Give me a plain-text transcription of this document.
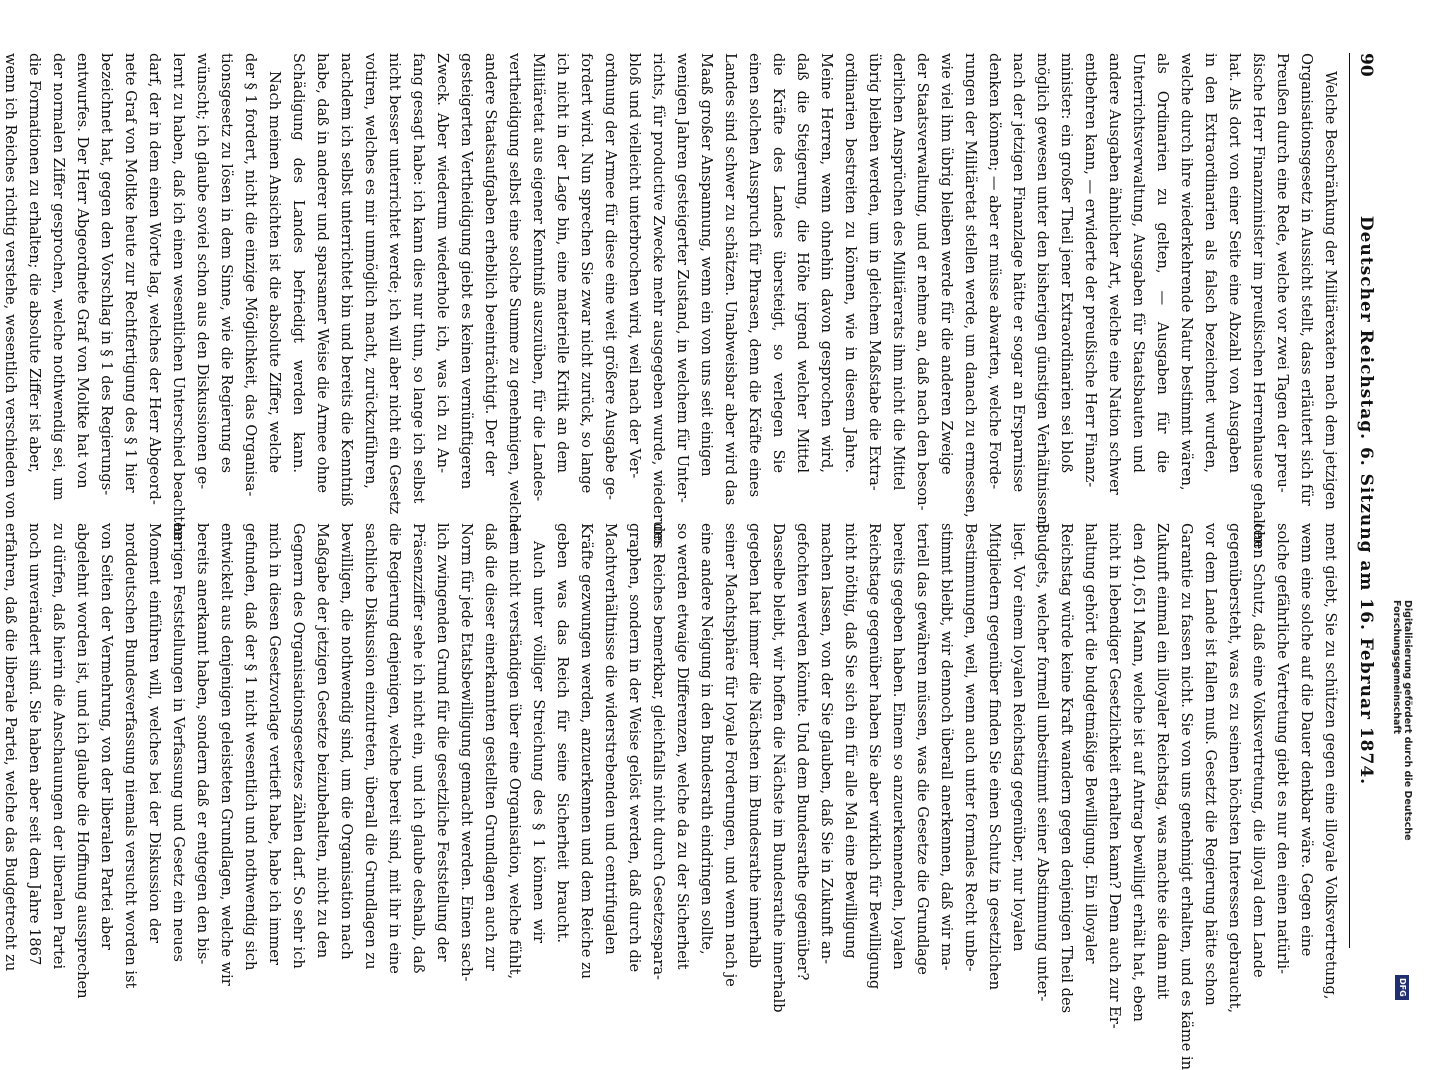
90
Deutscher Reichstag. 6. Sitzung am 16. Februar 1874.
Welche Beschränkung der Militärexaten nach dem jetzigen
Organisationsgesetz in Aussicht stellt, dass erläutert sich für
Preußen durch eine Rede, welche vor zwei Tagen der preu-
ßische Herr Finanzminister im preußischen Herrenhause gehalten
hat. Als dort von einer Seite eine Abzahl von Ausgaben
in den Extraordinarien als falsch bezeichnet wurden,
welche durch ihre wiederkehrende Natur bestimmt wären,
als Ordinarien zu gelten, — Ausgaben für die
Unterrichtsverwaltung, Ausgaben für Staatsbauten und
andere Ausgaben ähnlicher Art, welche eine Nation schwer
entbehren kann, — erwiderte der preußische Herr Finanz-
minister: ein großer Theil jener Extraordinarien sei bloß
möglich gewesen unter den bisherigen günstigen Verhältnissen;
nach der jetzigen Finanzlage hätte er sogar an Ersparnisse
denken können; — aber er müsse abwarten, welche Forde-
rungen der Militäretat stellen werde, um danach zu ermessen,
wie viel ihm übrig bleiben werde für die anderen Zweige
der Staatsverwaltung, und er nehme an, daß nach den beson-
derlichen Ansprüchen des Militärerats ihm nicht die Mittel
übrig bleiben werden, um in gleichem Maßstabe die Extra-
ordinarien bestreiten zu können, wie in diesem Jahre.
Meine Herren, wenn ohnehin davon gesprochen wird,
daß die Steigerung, die Höhe irgend welcher Mittel
die Kräfte des Landes übersteigt, so verlegen Sie
einen solchen Ausspruch für Phrasen, denn die Kräfte eines
Landes sind schwer zu schätzen. Unabweisbar aber wird das
Maaß großer Anspannung, wenn ein von uns seit einigen
wenigen Jahren gesteigerter Zustand, in welchem für Unter-
richts, für productive Zwecke mehr ausgegeben wurde, wiederum
bloß und vielleicht unterbrochen wird, weil nach der Ver-
ordnung der Armee für diese eine weit größere Ausgabe ge-
fordert wird. Nun sprechen Sie zwar nicht zurück, so lange
ich nicht in der Lage bin, eine materielle Kritik an dem
Militäretat aus eigener Kenntniß auszuüben, für die Landes-
vertheidigung selbst eine solche Summe zu genehmigen, welche
andere Staatsaufgaben erheblich beeinträchtigt. Der der
gesteigerten Vertheidigung giebt es keinen vernünftigeren
Zweck. Aber wiederum wiederhole ich, was ich zu An-
fang gesagt habe: ich kann dies nur thun, so lange ich selbst
nicht besser unterrichtet werde; ich will aber nicht ein Gesetz
votiren, welches es mir unmöglich macht, zurückzuführen,
nachdem ich selbst unterrichtet bin und bereits die Kenntniß
habe, daß in anderer und sparsamer Weise die Armee ohne
Schädigung des Landes befriedigt werden kann.
Nach meinen Ansichten ist die absolute Ziffer, welche
der § 1 fordert, nicht die einzige Möglichkeit, das Organisa-
tionsgesetz zu lösen in dem Sinne, wie die Regierung es
wünscht; ich glaube soviel schon aus den Diskussionen ge-
lernt zu haben, daß ich einen wesentlichen Unterschied beachten
darf, der in dem einen Worte lag, welches der Herr Abgeord-
nete Graf von Moltke heute zur Rechtfertigung des § 1 hier
bezeichnet hat, gegen den Vorschlag in § 1 des Regierungs-
entwurfes. Der Herr Abgeordnete Graf von Moltke hat von
der normalen Ziffer gesprochen, welche nothwendig sei, um
die Formationen zu erhalten; die absolute Ziffer ist aber,
wenn ich Reiches richtig verstehe, wesentlich verschieden von
ment giebt, Sie zu schützen gegen eine illoyale Volksvertretung,
wenn eine solche auf die Dauer denkbar wäre. Gegen eine
solche gefährliche Vertretung giebt es nur den einen natürli-
chen Schutz, daß eine Volksvertretung, die illoyal dem Lande
gegenübersteht, was es zu seinen höchsten Interessen gebraucht,
vor dem Lande ist fallen muß. Gesetzt die Regierung hätte schon
Garantie zu fassen nicht. Sie von uns genehmigt erhalten, und es käme in
Zukunft einmal ein illoyaler Reichstag, was machte sie dann mit
den 401,651 Mann, welche ist auf Antrag bewilligt erhält hat, eben
nicht in lebendiger Gesetzlichkeit erhalten kann? Denn auch zur Er-
haltung gehört die budgetmäßige Bewilligung. Ein illoyaler
Reichstag würde keine Kraft wandern gegen denjenigen Theil des
Budgets, welcher formell unbestimmt seiner Abstimmung unter-
liegt. Vor einem loyalen Reichstag gegenüber, nur loyalen
Mitgliedern gegenüber finden Sie einen Schutz in gesetzlichen
Bestimmungen, weil, wenn auch unter formales Recht unbe-
stimmt bleibt, wir dennoch überall anerkennen, daß wir ma-
teriell das gewähren müssen, was die Gesetze die Grundlage
bereits gegeben haben. Einem so anzuerkennenden, loyalen
Reichstage gegenüber haben Sie aber wirklich für Bewilligung
nicht nöthig, daß Sie sich ein für alle Mal eine Bewilligung
machen lassen, von der Sie glauben, daß Sie in Zukunft an-
gefochten werden könnte. Und dem Bundesrathe gegenüber?
Dasselbe bleibt, wir hoffen die Nächste im Bundesrathe innerhalb
gegeben hat immer die Nächsten im Bundesrathe innerhalb
seiner Machtsphäre für loyale Forderungen, und wenn nach je
eine andere Neigung in den Bundesrath eindringen sollte,
so werden etwaige Differenzen, welche da zu der Sicherheit
des Reiches bemerkbar, gleichfalls nicht durch Gesetzespara-
graphen, sondern in der Weise gelöst werden, daß durch die
Machtverhältnisse die widerstrebenden und centrifugalen
Kräfte gezwungen werden, anzuerkennen und dem Reiche zu
geben was das Reich für seine Sicherheit braucht.
Auch unter völliger Streichung des § 1 können wir
dem nicht verständigen über eine Organisation, welche fühlt,
daß die dieser einerkannten gestellten Grundlagen auch zur
Norm für jede Etatsbewilligung gemacht werden. Einen sach-
lich zwingenden Grund für die gesetzliche Feststellung der
Präsenzziffer sehe ich nicht ein, und ich glaube deshalb, daß
die Regierung denjenigen, welche bereit sind, mit ihr in eine
sachliche Diskussion einzutreten, überall die Grundlagen zu
bewilligen, die nothwendig sind, um die Organisation nach
Maßgabe der jetzigen Gesetze beizubehalten, nicht zu den
Gegnern des Organisationsgesetzes zählen darf. So sehr ich
mich in diesen Gesetzvorlage vertieft habe, habe ich immer
gefunden, daß der § 1 nicht wesentlich und nothwendig sich
entwickelt aus denjenigen geleisteten Grundlagen, welche wir
bereits anerkannt haben, sondern daß er entgegen den bis-
herigen Feststellungen in Verfassung und Gesetz ein neues
Moment einführen will, welches bei der Diskussion der
norddeutschen Bundesverfassung niemals versucht worden ist
von Seiten der Vermehrung, von der liberalen Partei aber
abgelehnt worden ist, und ich glaube die Hoffnung aussprechen
zu dürfen, daß hierin die Anschauungen der liberalen Partei
noch unverändert sind. Sie haben aber seit dem Jahre 1867
erfahren, daß die liberale Partei, welche das Budgetrecht zu

	Digitalisierung gefördert durch die Deutsche Forschungsgemeinschaft
DFG
